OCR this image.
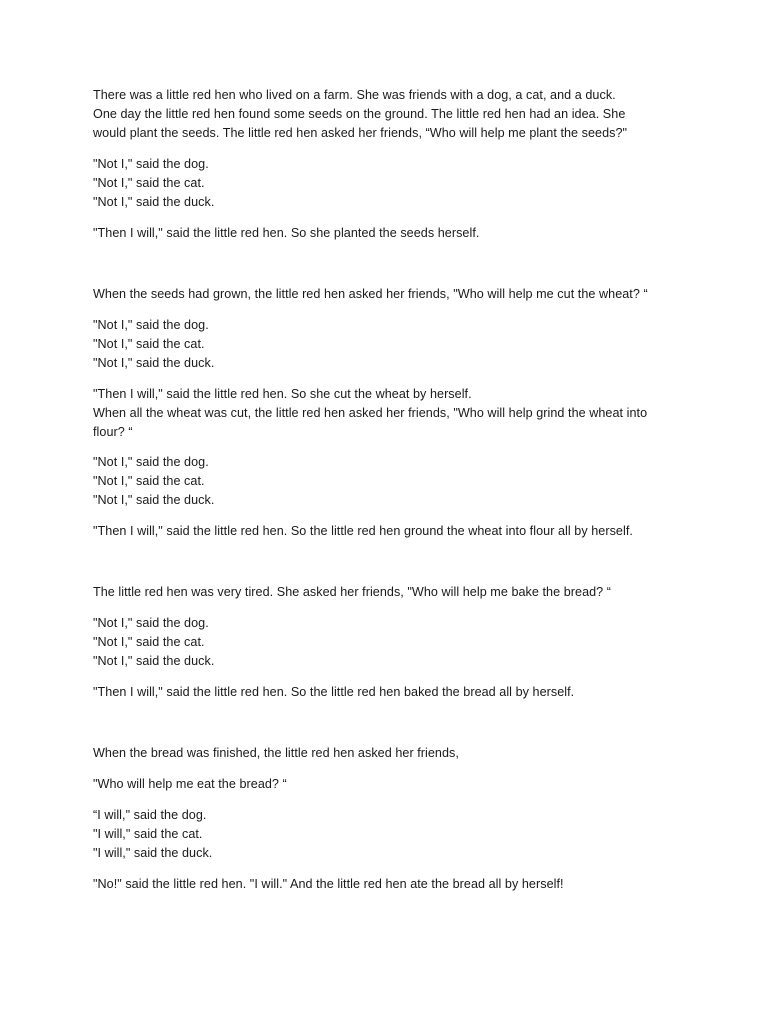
There was a little red hen who lived on a farm. She was friends with a dog, a cat, and a duck.
One day the little red hen found some seeds on the ground. The little red hen had an idea. She
would plant the seeds. The little red hen asked her friends, “Who will help me plant the seeds?"
"Not I," said the dog.
"Not I," said the cat.
"Not I," said the duck.
"Then I will," said the little red hen. So she planted the seeds herself.
When the seeds had grown, the little red hen asked her friends, "Who will help me cut the wheat? “
"Not I," said the dog.
"Not I," said the cat.
"Not I," said the duck.
"Then I will," said the little red hen. So she cut the wheat by herself.
When all the wheat was cut, the little red hen asked her friends, "Who will help grind the wheat into
flour? “
"Not I," said the dog.
"Not I," said the cat.
"Not I," said the duck.
"Then I will," said the little red hen. So the little red hen ground the wheat into flour all by herself.
The little red hen was very tired. She asked her friends, "Who will help me bake the bread? “
"Not I," said the dog.
"Not I," said the cat.
"Not I," said the duck.
"Then I will," said the little red hen. So the little red hen baked the bread all by herself.
When the bread was finished, the little red hen asked her friends,
"Who will help me eat the bread? “
“I will," said the dog.
"I will," said the cat.
"I will," said the duck.
"No!" said the little red hen. "I will." And the little red hen ate the bread all by herself!
